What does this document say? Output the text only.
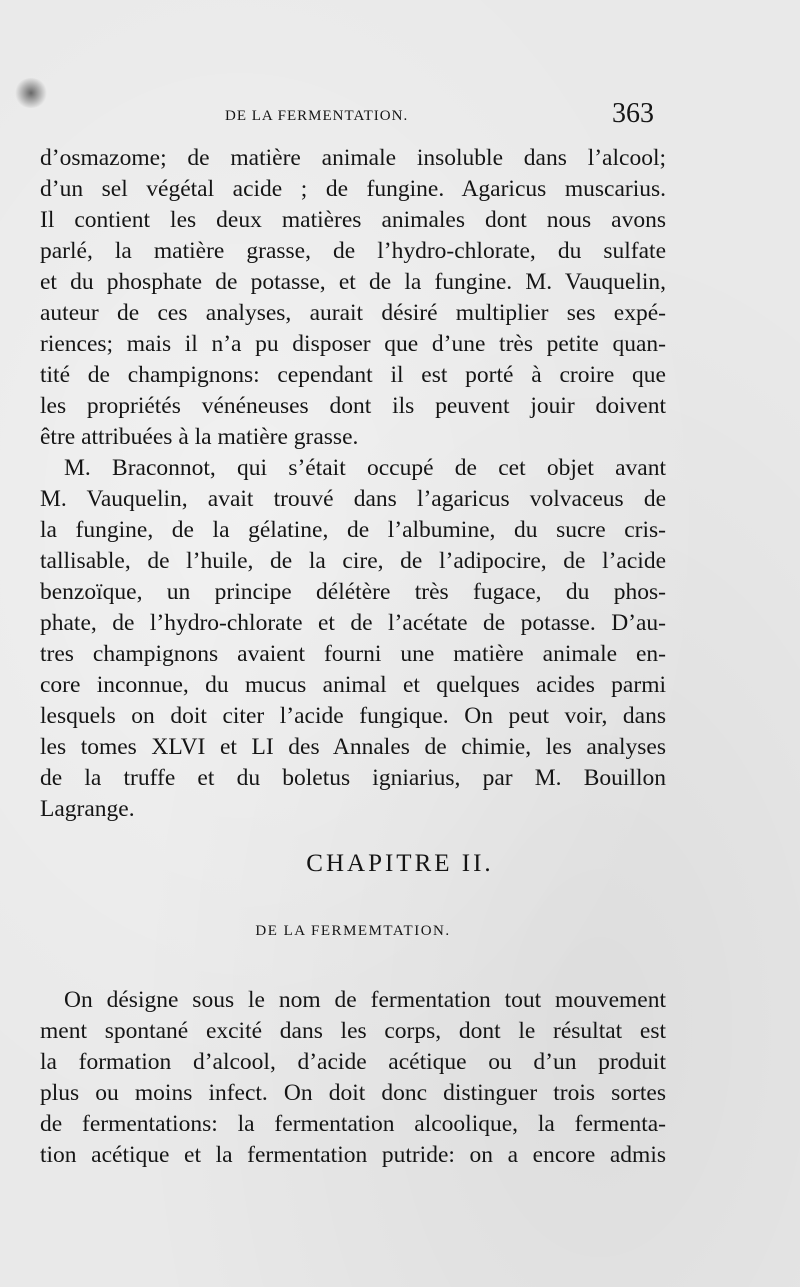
DE LA FERMENTATION.	363
d’osmazome; de matière animale insoluble dans l’alcool;
d’un sel végétal acide ; de fungine. Agaricus muscarius.
Il contient les deux matières animales dont nous avons
parlé, la matière grasse, de l’hydro-chlorate, du sulfate
et du phosphate de potasse, et de la fungine. M. Vauquelin,
auteur de ces analyses, aurait désiré multiplier ses expé-
riences; mais il n’a pu disposer que d’une très petite quan-
tité de champignons: cependant il est porté à croire que
les propriétés vénéneuses dont ils peuvent jouir doivent
être attribuées à la matière grasse.
M. Braconnot, qui s’était occupé de cet objet avant
M. Vauquelin, avait trouvé dans l’agaricus volvaceus de
la fungine, de la gélatine, de l’albumine, du sucre cris-
tallisable, de l’huile, de la cire, de l’adipocire, de l’acide
benzoïque, un principe délétère très fugace, du phos-
phate, de l’hydro-chlorate et de l’acétate de potasse. D’au-
tres champignons avaient fourni une matière animale en-
core inconnue, du mucus animal et quelques acides parmi
lesquels on doit citer l’acide fungique. On peut voir, dans
les tomes XLVI et LI des Annales de chimie, les analyses
de la truffe et du boletus igniarius, par M. Bouillon
Lagrange.
CHAPITRE II.
DE LA FERMEMTATION.
On désigne sous le nom de fermentation tout mouvement
ment spontané excité dans les corps, dont le résultat est
la formation d’alcool, d’acide acétique ou d’un produit
plus ou moins infect. On doit donc distinguer trois sortes
de fermentations: la fermentation alcoolique, la fermenta-
tion acétique et la fermentation putride: on a encore admis
